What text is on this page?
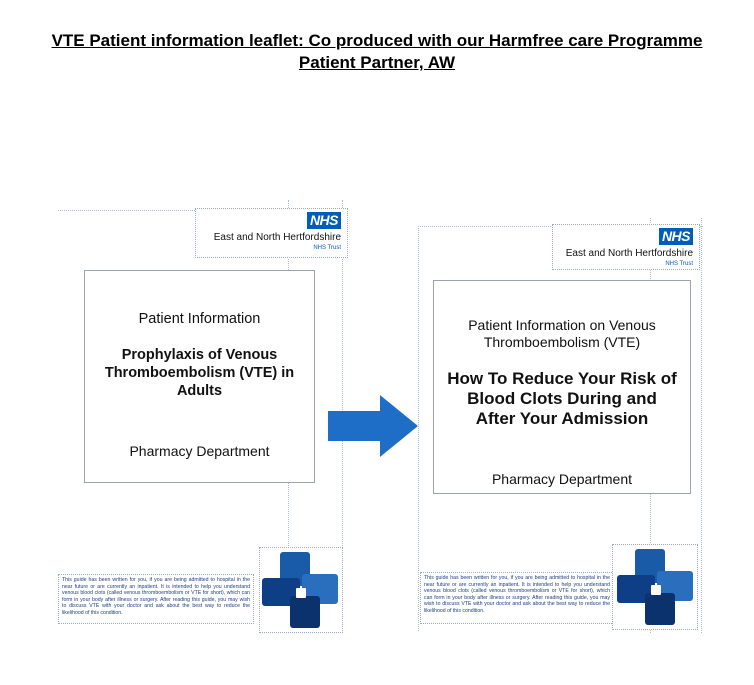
VTE Patient information leaflet: Co produced with our Harmfree care Programme
Patient Partner, AW
NHS
East and North Hertfordshire
NHS Trust
Patient Information
Prophylaxis of Venous
Thromboembolism (VTE) in
Adults
Pharmacy Department
This guide has been written for you, if you are being admitted to hospital in the near future or are currently an inpatient. It is intended to help you understand venous blood clots (called venous thromboembolism or VTE for short), which can form in your body after illness or surgery. After reading this guide, you may wish to discuss VTE with your doctor and ask about the best way to reduce the likelihood of this condition.
NHS
East and North Hertfordshire
NHS Trust
Patient Information on Venous
Thromboembolism (VTE)
How To Reduce Your Risk of
Blood Clots During and
After Your Admission
Pharmacy Department
This guide has been written for you, if you are being admitted to hospital in the near future or are currently an inpatient. It is intended to help you understand venous blood clots (called venous thromboembolism or VTE for short), which can form in your body after illness or surgery. After reading this guide, you may wish to discuss VTE with your doctor and ask about the best way to reduce the likelihood of this condition.
